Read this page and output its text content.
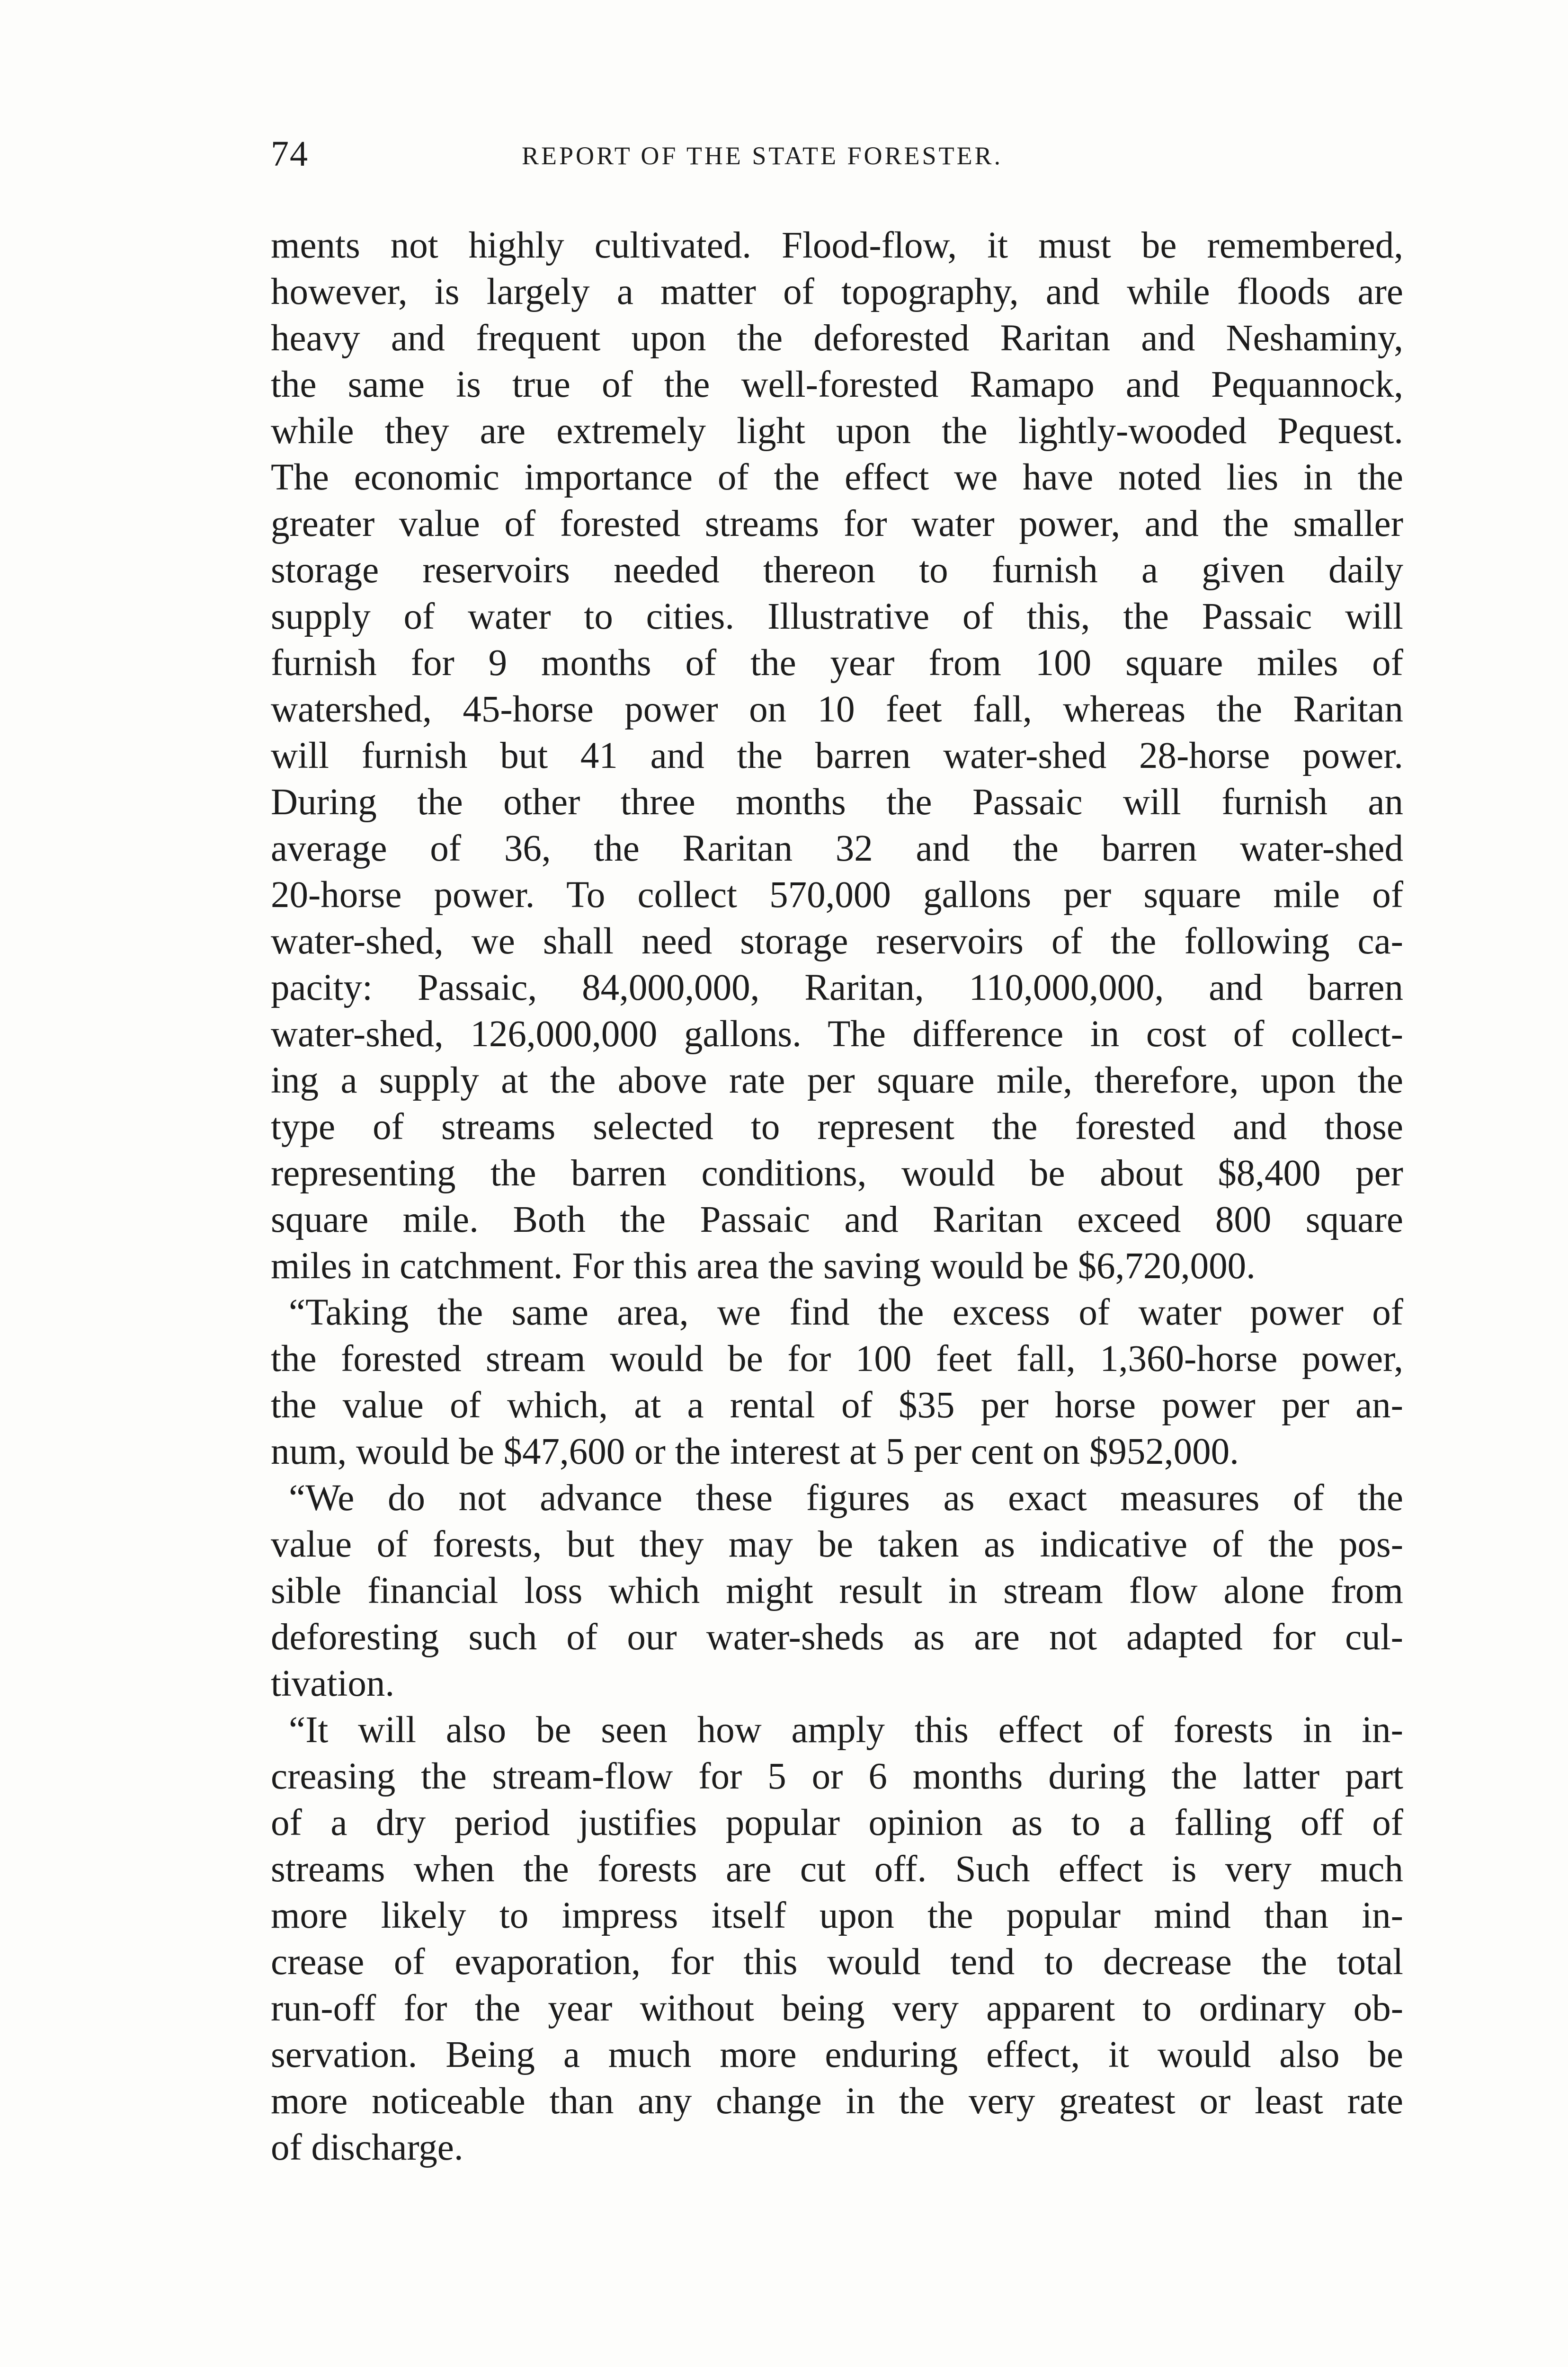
74	REPORT OF THE STATE FORESTER.
ments not highly cultivated. Flood-flow, it must be remembered,
however, is largely a matter of topography, and while floods are
heavy and frequent upon the deforested Raritan and Neshaminy,
the same is true of the well-forested Ramapo and Pequannock,
while they are extremely light upon the lightly-wooded Pequest.
The economic importance of the effect we have noted lies in the
greater value of forested streams for water power, and the smaller
storage reservoirs needed thereon to furnish a given daily
supply of water to cities. Illustrative of this, the Passaic will
furnish for 9 months of the year from 100 square miles of
watershed, 45-horse power on 10 feet fall, whereas the Raritan
will furnish but 41 and the barren water-shed 28-horse power.
During the other three months the Passaic will furnish an
average of 36, the Raritan 32 and the barren water-shed
20-horse power. To collect 570,000 gallons per square mile of
water-shed, we shall need storage reservoirs of the following ca-
pacity: Passaic, 84,000,000, Raritan, 110,000,000, and barren
water-shed, 126,000,000 gallons. The difference in cost of collect-
ing a supply at the above rate per square mile, therefore, upon the
type of streams selected to represent the forested and those
representing the barren conditions, would be about $8,400 per
square mile. Both the Passaic and Raritan exceed 800 square
miles in catchment. For this area the saving would be $6,720,000.
“Taking the same area, we find the excess of water power of
the forested stream would be for 100 feet fall, 1,360-horse power,
the value of which, at a rental of $35 per horse power per an-
num, would be $47,600 or the interest at 5 per cent on $952,000.
“We do not advance these figures as exact measures of the
value of forests, but they may be taken as indicative of the pos-
sible financial loss which might result in stream flow alone from
deforesting such of our water-sheds as are not adapted for cul-
tivation.
“It will also be seen how amply this effect of forests in in-
creasing the stream-flow for 5 or 6 months during the latter part
of a dry period justifies popular opinion as to a falling off of
streams when the forests are cut off. Such effect is very much
more likely to impress itself upon the popular mind than in-
crease of evaporation, for this would tend to decrease the total
run-off for the year without being very apparent to ordinary ob-
servation. Being a much more enduring effect, it would also be
more noticeable than any change in the very greatest or least rate
of discharge.
